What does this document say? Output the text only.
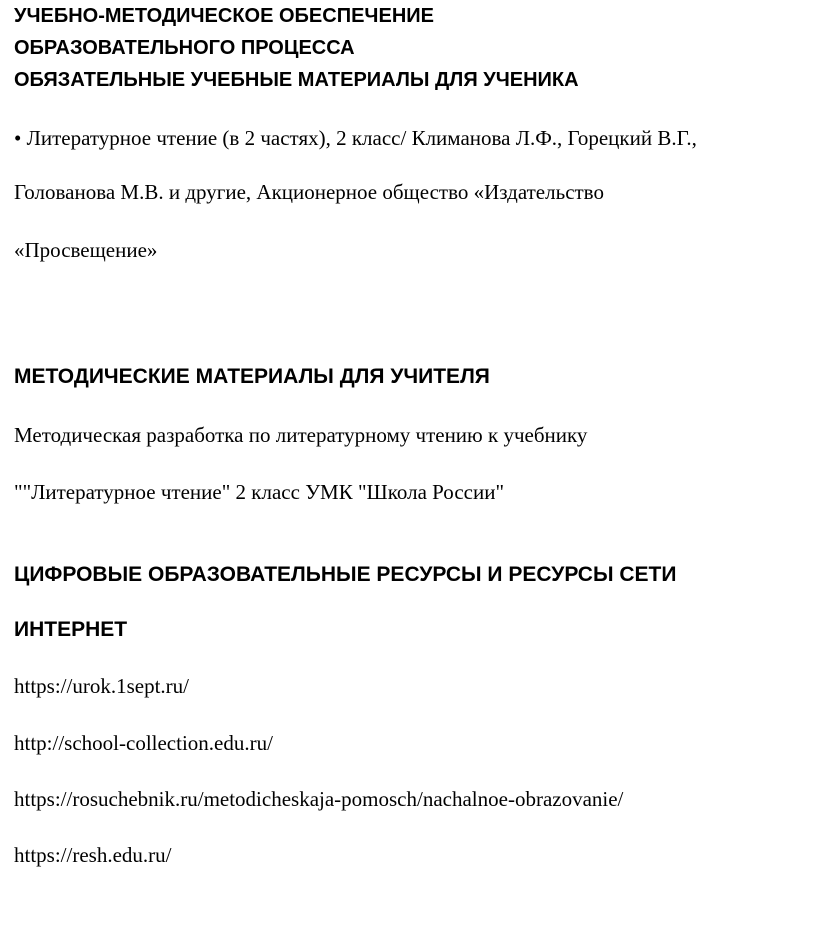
УЧЕБНО-МЕТОДИЧЕСКОЕ ОБЕСПЕЧЕНИЕ
ОБРАЗОВАТЕЛЬНОГО ПРОЦЕССА
ОБЯЗАТЕЛЬНЫЕ УЧЕБНЫЕ МАТЕРИАЛЫ ДЛЯ УЧЕНИКА
• Литературное чтение (в 2 частях), 2 класс/ Климанова Л.Ф., Горецкий В.Г.,
Голованова М.В. и другие, Акционерное общество «Издательство
«Просвещение»
МЕТОДИЧЕСКИЕ МАТЕРИАЛЫ ДЛЯ УЧИТЕЛЯ
Методическая разработка по литературному чтению к учебнику
""Литературное чтение" 2 класс УМК "Школа России"
ЦИФРОВЫЕ ОБРАЗОВАТЕЛЬНЫЕ РЕСУРСЫ И РЕСУРСЫ СЕТИ
ИНТЕРНЕТ
https://urok.1sept.ru/
http://school-collection.edu.ru/
https://rosuchebnik.ru/metodicheskaja-pomosch/nachalnoe-obrazovanie/
https://resh.edu.ru/
